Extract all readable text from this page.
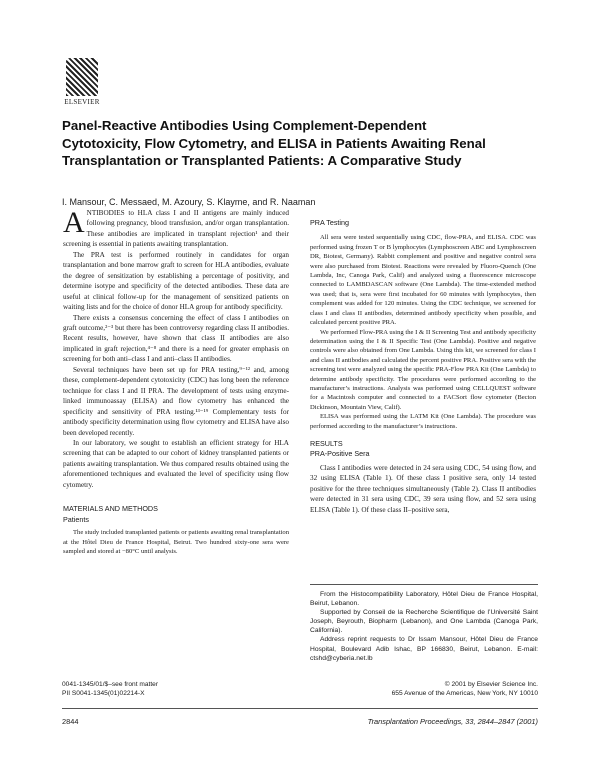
ELSEVIER
Panel-Reactive Antibodies Using Complement-Dependent
Cytotoxicity, Flow Cytometry, and ELISA in Patients Awaiting Renal
Transplantation or Transplanted Patients: A Comparative Study
I. Mansour, C. Messaed, M. Azoury, S. Klayme, and R. Naaman

ANTIBODIES to HLA class I and II antigens are mainly induced following pregnancy, blood transfusion, and/or organ transplantation. These antibodies are implicated in transplant rejection¹ and their screening is essential in patients awaiting transplantation.

The PRA test is performed routinely in candidates for organ transplantation and bone marrow graft to screen for HLA antibodies, evaluate the degree of sensitization by establishing a percentage of positivity, and determine isotype and specificity of the detected antibodies. These data are useful at clinical follow-up for the management of sensitized patients on waiting lists and for the choice of donor HLA group for antibody specificity.

There exists a consensus concerning the effect of class I antibodies on graft outcome,²⁻³ but there has been controversy regarding class II antibodies. Recent results, however, have shown that class II antibodies are also implicated in graft rejection,⁴⁻⁸ and there is a need for greater emphasis on screening for both anti–class I and anti–class II antibodies.

Several techniques have been set up for PRA testing,⁹⁻¹² and, among these, complement-dependent cytotoxicity (CDC) has long been the reference technique for class I and II PRA. The development of tests using enzyme-linked immunoassay (ELISA) and flow cytometry has enhanced the specificity and sensitivity of PRA testing.¹³⁻¹⁹ Complementary tests for antibody specificity determination using flow cytometry and ELISA have also been developed recently.

In our laboratory, we sought to establish an efficient strategy for HLA screening that can be adapted to our cohort of kidney transplanted patients or patients awaiting transplantation. We thus compared results obtained using the aforementioned techniques and evaluated the level of specificity using flow cytometry.

MATERIALS AND METHODS

Patients

The study included transplanted patients or patients awaiting renal transplantation at the Hôtel Dieu de France Hospital, Beirut. Two hundred sixty-one sera were sampled and stored at −80°C until analysis.

PRA Testing

All sera were tested sequentially using CDC, flow-PRA, and ELISA. CDC was performed using frozen T or B lymphocytes (Lymphoscreen ABC and Lymphoscreen DR, Biotest, Germany). Rabbit complement and positive and negative control sera were also purchased from Biotest. Reactions were revealed by Fluoro-Quench (One Lambda, Inc, Canoga Park, Calif) and analyzed using a fluorescence microscope connected to LAMBDASCAN software (One Lambda). The time-extended method was used; that is, sera were first incubated for 60 minutes with lymphocytes, then complement was added for 120 minutes. Using the CDC technique, we screened for class I and class II antibodies, determined antibody specificity when possible, and calculated percent positive PRA.

We performed Flow-PRA using the I & II Screening Test and antibody specificity determination using the I & II Specific Test (One Lambda). Positive and negative controls were also obtained from One Lambda. Using this kit, we screened for class I and class II antibodies and calculated the percent positive PRA. Positive sera with the screening test were analyzed using the specific PRA-Flow PRA Kit (One Lambda) to determine antibody specificity. The procedures were performed according to the manufacturer’s instructions. Analysis was performed using CELLQUEST software for a Macintosh computer and connected to a FACSort flow cytometer (Becton Dickinson, Mountain View, Calif).

ELISA was performed using the LATM Kit (One Lambda). The procedure was performed according to the manufacturer’s instructions.

RESULTS

PRA-Positive Sera

Class I antibodies were detected in 24 sera using CDC, 54 using flow, and 32 using ELISA (Table 1). Of these class I positive sera, only 14 tested positive for the three techniques simultaneously (Table 2). Class II antibodies were detected in 31 sera using CDC, 39 sera using flow, and 52 sera using ELISA (Table 1). Of these class II–positive sera,

From the Histocompatibility Laboratory, Hôtel Dieu de France Hospital, Beirut, Lebanon.

Supported by Conseil de la Recherche Scientifique de l’Université Saint Joseph, Beyrouth, Biopharm (Lebanon), and One Lambda (Canoga Park, California).

Address reprint requests to Dr Issam Mansour, Hôtel Dieu de France Hospital, Boulevard Adib Ishac, BP 166830, Beirut, Lebanon. E-mail: ctshd@cyberia.net.lb

0041-1345/01/$–see front matter
PII S0041-1345(01)02214-X
© 2001 by Elsevier Science Inc.
655 Avenue of the Americas, New York, NY 10010
2844	Transplantation Proceedings, 33, 2844–2847 (2001)
